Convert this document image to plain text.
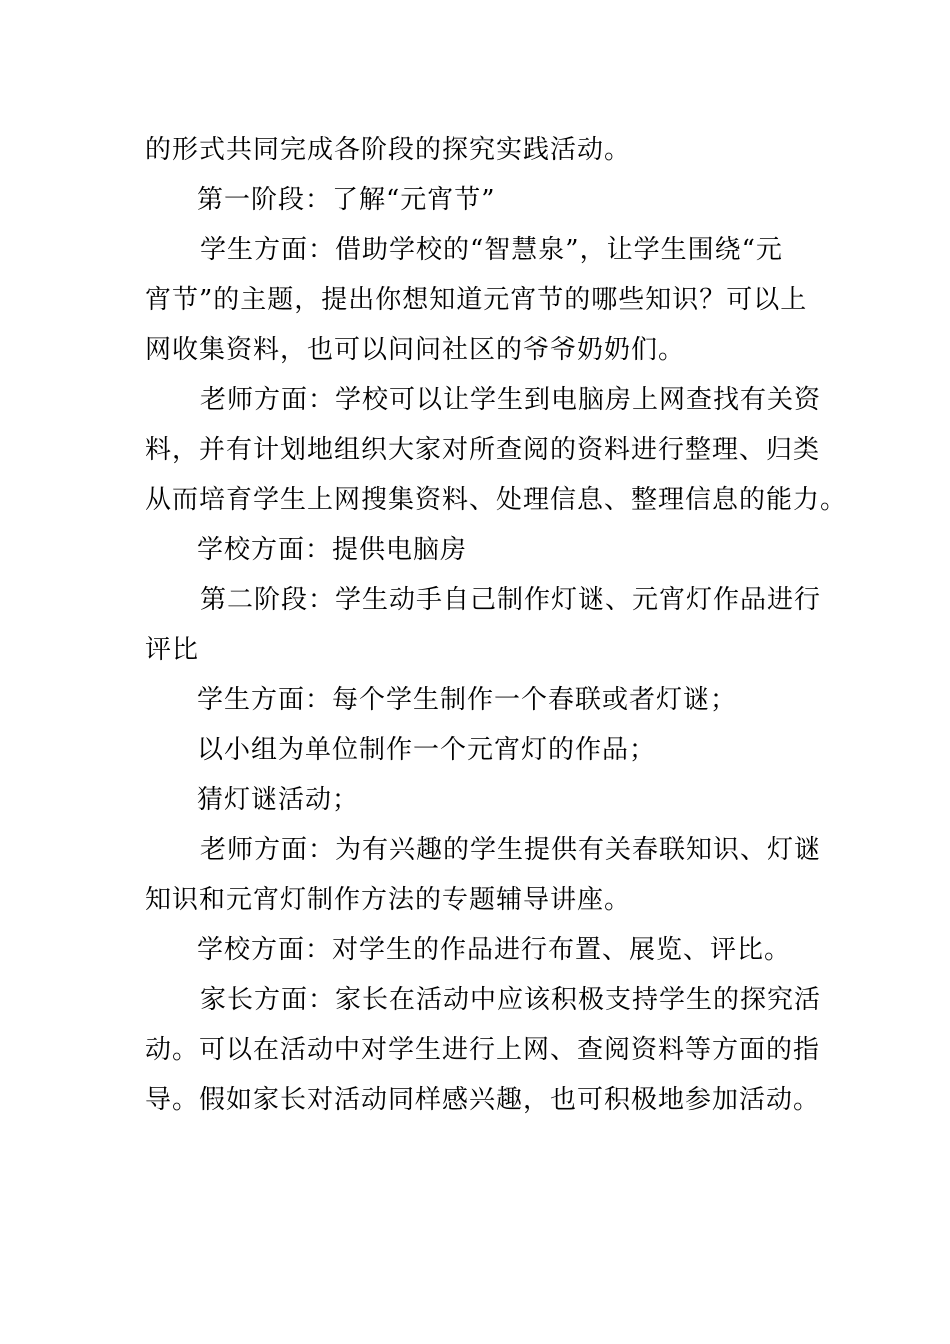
的形式共同完成各阶段的探究实践活动。
第一阶段：了解“元宵节”
学生方面：借助学校的“智慧泉”，让学生围绕“元
宵节”的主题，提出你想知道元宵节的哪些知识？可以上
网收集资料，也可以问问社区的爷爷奶奶们。
老师方面：学校可以让学生到电脑房上网查找有关资
料，并有计划地组织大家对所查阅的资料进行整理、归类
从而培育学生上网搜集资料、处理信息、整理信息的能力。
学校方面：提供电脑房
第二阶段：学生动手自己制作灯谜、元宵灯作品进行
评比
学生方面：每个学生制作一个春联或者灯谜；
以小组为单位制作一个元宵灯的作品；
猜灯谜活动；
老师方面：为有兴趣的学生提供有关春联知识、灯谜
知识和元宵灯制作方法的专题辅导讲座。
学校方面：对学生的作品进行布置、展览、评比。
家长方面：家长在活动中应该积极支持学生的探究活
动。可以在活动中对学生进行上网、查阅资料等方面的指
导。假如家长对活动同样感兴趣，也可积极地参加活动。
